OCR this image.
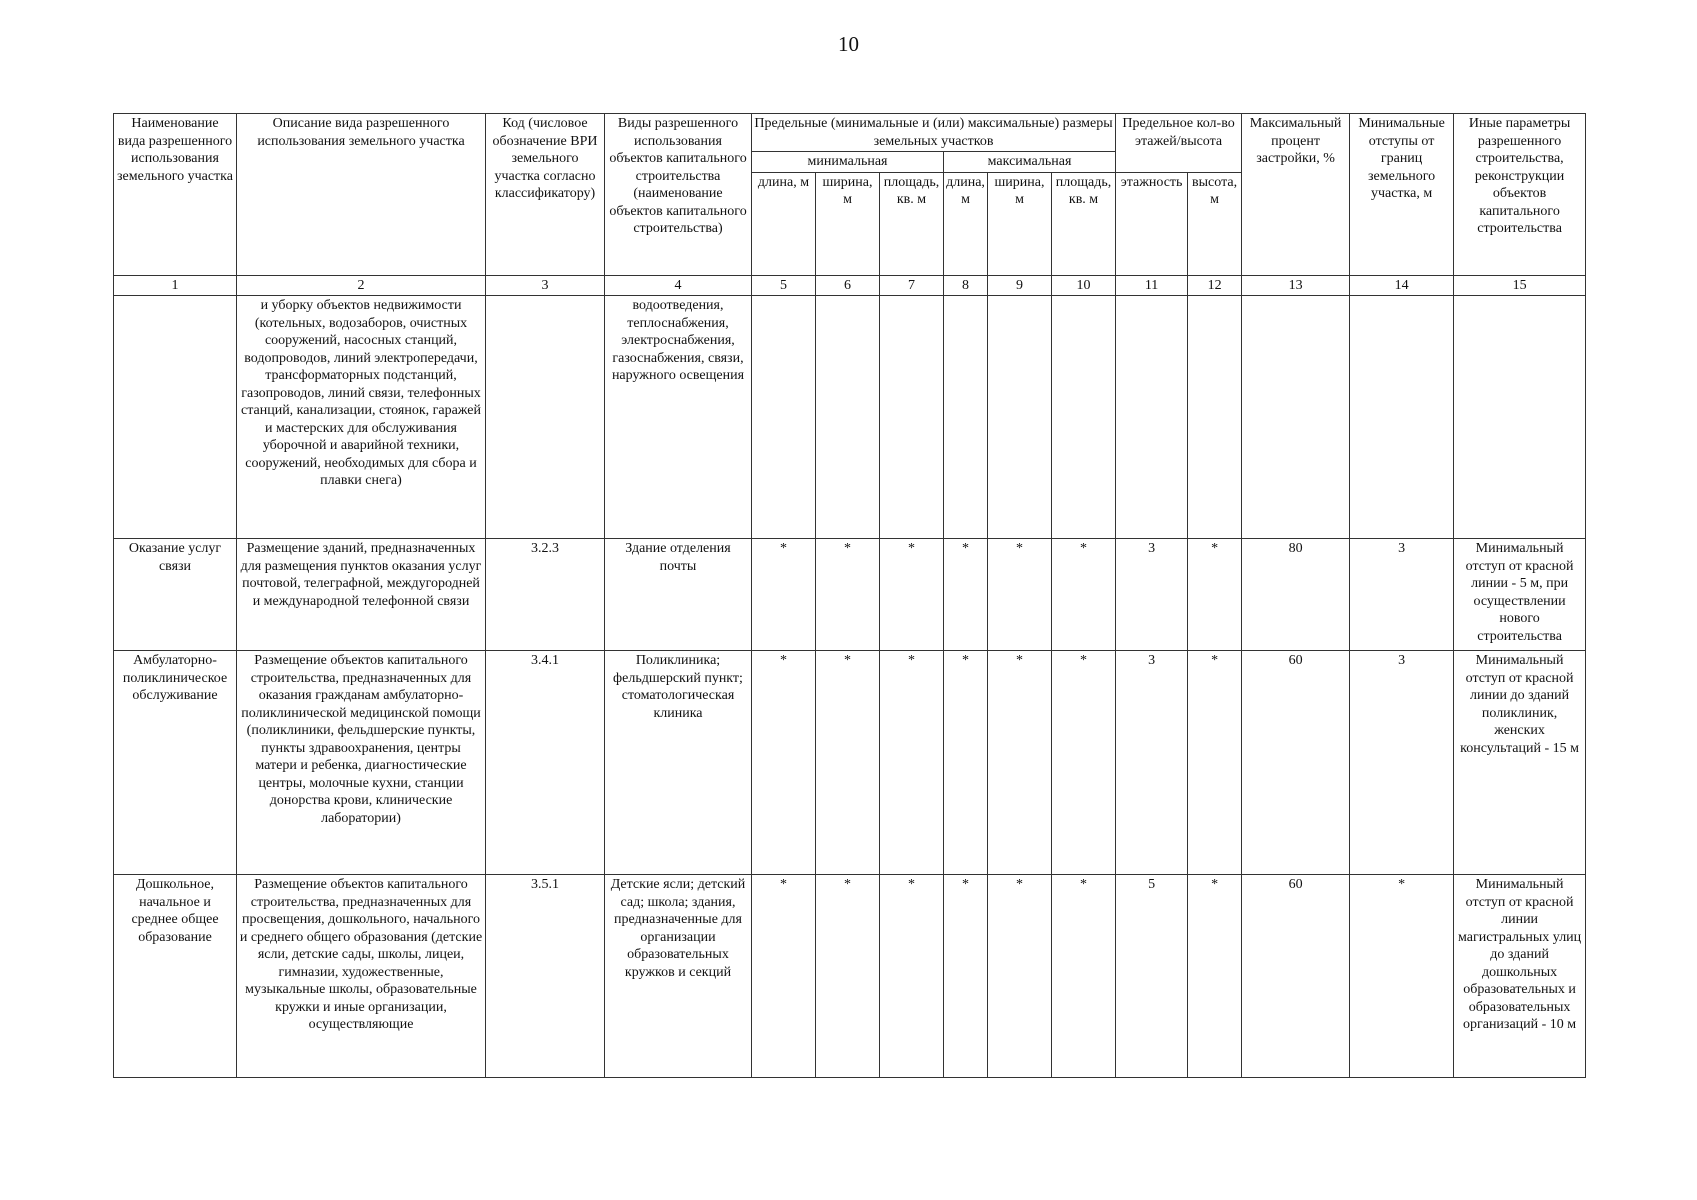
10
Наименование вида разрешенного использования земельного участка	Описание вида разрешенного использования земельного участка	Код (числовое обозначение ВРИ земельного участка согласно классификатору)	Виды разрешенного использования объектов капитального строительства (наименование объектов капитального строительства)	Предельные (минимальные и (или) максимальные) размеры земельных участков						Предельное кол-во этажей/высота		Максимальный процент застройки, %	Минимальные отступы от границ земельного участка, м	Иные параметры разрешенного строительства, реконструкции объектов капитального строительства

				минимальная			максимальная							
				длина, м	ширина, м	площадь, кв. м	длина, м	ширина, м	площадь, кв. м	этажность	высота, м			
1	2	3	4	5	6	7	8	9	10	11	12	13	14	15
	и уборку объектов недвижимости (котельных, водозаборов, очистных сооружений, насосных станций, водопроводов, линий электропередачи, трансформаторных подстанций, газопроводов, линий связи, телефонных станций, канализации, стоянок, гаражей и мастерских для обслуживания уборочной и аварийной техники, сооружений, необходимых для сбора и плавки снега)		водоотведения, теплоснабжения, электроснабжения, газоснабжения, связи, наружного освещения											
Оказание услуг связи	Размещение зданий, предназначенных для размещения пунктов оказания услуг почтовой, телеграфной, междугородней и международной телефонной связи	3.2.3	Здание отделения почты	*	*	*	*	*	*	3	*	80	3	Минимальный отступ от красной линии - 5 м, при осуществлении нового строительства
Амбулаторно-поликлиническое обслуживание	Размещение объектов капитального строительства, предназначенных для оказания гражданам амбулаторно-поликлинической медицинской помощи (поликлиники, фельдшерские пункты, пункты здравоохранения, центры матери и ребенка, диагностические центры, молочные кухни, станции донорства крови, клинические лаборатории)	3.4.1	Поликлиника; фельдшерский пункт; стоматологическая клиника	*	*	*	*	*	*	3	*	60	3	Минимальный отступ от красной линии до зданий поликлиник, женских консультаций - 15 м
Дошкольное, начальное и среднее общее образование	Размещение объектов капитального строительства, предназначенных для просвещения, дошкольного, начального и среднего общего образования (детские ясли, детские сады, школы, лицеи, гимназии, художественные, музыкальные школы, образовательные кружки и иные организации, осуществляющие	3.5.1	Детские ясли; детский сад; школа; здания, предназначенные для организации образовательных кружков и секций	*	*	*	*	*	*	5	*	60	*	Минимальный отступ от красной линии магистральных улиц до зданий дошкольных образовательных и образовательных организаций - 10 м
